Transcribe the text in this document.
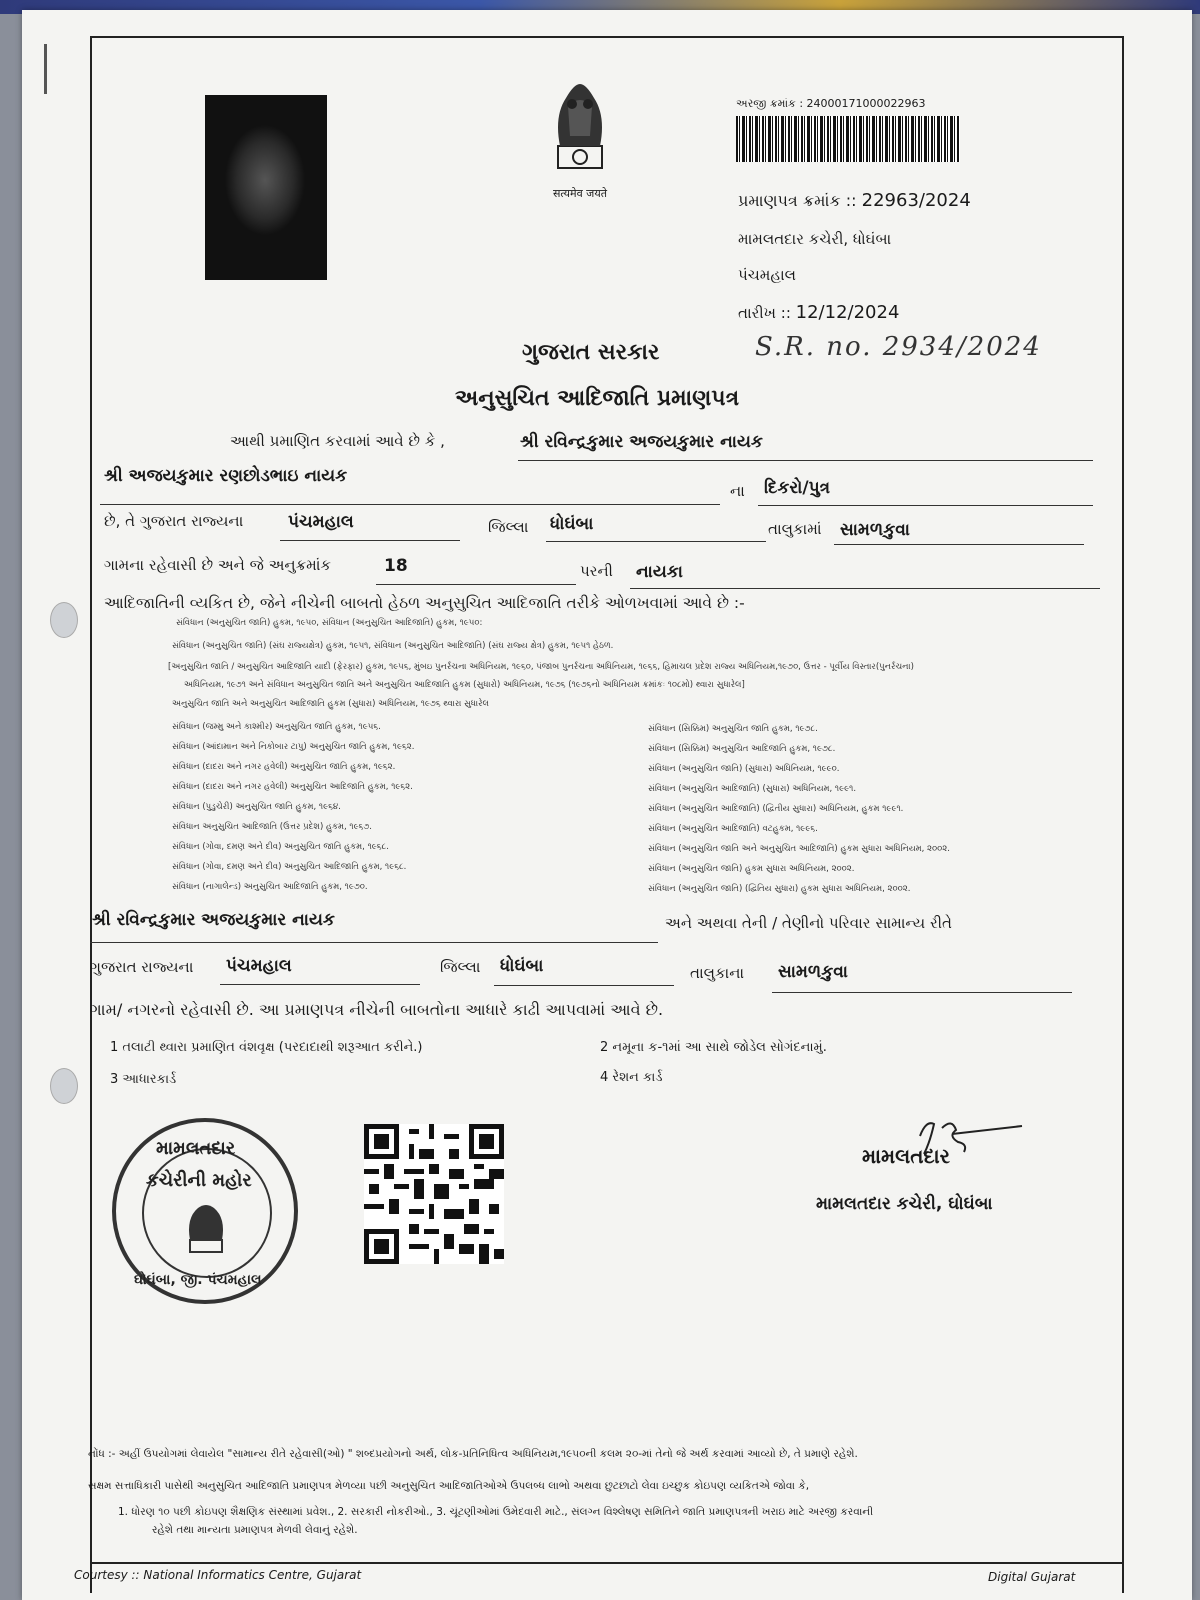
सत्यमेव जयते
અરજી ક્રમાંક : 24000171000022963
પ્રમાણપત્ર ક્રમાંક :: 22963/2024
મામલતદાર કચેરી, ધોઘંબા
પંચમહાલ
તારીખ :: 12/12/2024
S.R. no. 2934/2024
ગુજરાત સરકાર
અનુસુચિત આદિજાતિ પ્રમાણપત્ર
આથી પ્રમાણિત કરવામાં આવે છે કે ,	શ્રી રવિન્દ્રકુમાર અજયકુમાર નાયક
શ્રી અજયકુમાર રણછોડભાઇ નાયક
ના દિકરો/પુત્ર
છે, તે ગુજરાત રાજ્યના	પંચમહાલ	જિલ્લા ધોઘંબા	તાલુકામાં સામળકુવા
ગામના રહેવાસી છે અને જે અનુક્રમાંક	18	પરની નાયકા
આદિજાતિની વ્યકિત છે, જેને નીચેની બાબતો હેઠળ અનુસુચિત આદિજાતિ તરીકે ઓળખવામાં આવે છે :-
સંવિધાન (અનુસુચિત જાતિ) હુકમ, ૧૯૫૦, સંવિધાન (અનુસુચિત આદિજાતિ) હુકમ, ૧૯૫૦:
સંવિધાન (અનુસુચિત જાતિ) (સંઘ રાજ્યક્ષેત્ર) હુકમ, ૧૯૫૧, સંવિધાન (અનુસુચિત આદિજાતિ) (સંઘ રાજ્ય ક્ષેત્ર) હુકમ, ૧૯૫૧ હેઠળ.
[અનુસુચિત જાતિ / અનુસુચિત આદિજાતિ યાદી (ફેરફાર) હુકમ, ૧૯૫૬, મુંબઇ પુનર્રચના અધિનિયમ, ૧૯૬૦, પંજાબ પુનર્રચના અધિનિયમ, ૧૯૬૬, હિમાચલ પ્રદેશ રાજ્ય અધિનિયમ,૧૯૭૦, ઉત્તર - પૂર્વીય વિસ્તાર(પુનર્રચના)
અધિનિયમ, ૧૯૭૧ અને સંવિધાન અનુસુચિત જાતિ અને અનુસુચિત આદિજાતિ હુકમ (સુધારો) અધિનિયમ, ૧૯૭૬ (૧૯૭૬નો અધિનિયમ ક્રમાંકઃ ૧૦૮મો) થ્વારા સુધારેલ]
અનુસુચિત જાતિ અને અનુસુચિત આદિજાતિ હુકમ (સુધારા) અધિનિયમ, ૧૯૭૬ થ્વારા સુધારેલ
સંવિધાન (જમ્મુ અને કાશ્મીર) અનુસુચિત જાતિ હુકમ, ૧૯૫૬.
સંવિધાન (આંદામાન અને નિકોબાર ટાપુ) અનુસુચિત જાતિ હુકમ, ૧૯૬૨.
સંવિધાન (દાદરા અને નગર હવેલી) અનુસુચિત જાતિ હુકમ, ૧૯૬૨.
સંવિધાન (દાદરા અને નગર હવેલી) અનુસુચિત આદિજાતિ હુકમ, ૧૯૬૨.
સંવિધાન (પુડુચેરી) અનુસુચિત જાતિ હુકમ, ૧૯૬૪.
સંવિધાન અનુસુચિત આદિજાતિ (ઉત્તર પ્રદેશ) હુકમ, ૧૯૬૭.
સંવિધાન (ગોવા, દમણ અને દીવ) અનુસુચિત જાતિ હુકમ, ૧૯૬૮.
સંવિધાન (ગોવા, દમણ અને દીવ) અનુસુચિત આદિજાતિ હુકમ, ૧૯૬૮.
સંવિધાન (નાગાલેન્ડ) અનુસુચિત આદિજાતિ હુકમ, ૧૯૭૦.
સંવિધાન (સિક્કિમ) અનુસુચિત જાતિ હુકમ, ૧૯૭૮.
સંવિધાન (સિક્કિમ) અનુસુચિત આદિજાતિ હુકમ, ૧૯૭૮.
સંવિધાન (અનુસુચિત જાતિ) (સુધારા) અધિનિયમ, ૧૯૯૦.
સંવિધાન (અનુસુચિત આદિજાતિ) (સુધારા) અધિનિયમ, ૧૯૯૧.
સંવિધાન (અનુસુચિત આદિજાતિ) (દ્વિતીય સુધારા) અધિનિયમ, હુકમ ૧૯૯૧.
સંવિધાન (અનુસુચિત આદિજાતિ) વટહુકમ, ૧૯૯૬.
સંવિધાન (અનુસુચિત જાતિ અને અનુસુચિત આદિજાતિ) હુકમ સુધારા અધિનિયમ, ૨૦૦૨.
સંવિધાન (અનુસુચિત જાતિ) હુકમ સુધારા અધિનિયમ, ૨૦૦૨.
સંવિધાન (અનુસુચિત જાતિ) (દ્વિતિય સુધારા) હુકમ સુધારા અધિનિયમ, ૨૦૦૨.
શ્રી રવિન્દ્રકુમાર અજયકુમાર નાયક	અને અથવા તેની / તેણીનો પરિવાર સામાન્ય રીતે
ગુજરાત રાજ્યના પંચમહાલ	જિલ્લા ધોઘંબા	તાલુકાના સામળકુવા
ગામ/ નગરનો રહેવાસી છે. આ પ્રમાણપત્ર નીચેની બાબતોના આધારે કાઢી આપવામાં આવે છે.
1 તલાટી થ્વારા પ્રમાણિત વંશવૃક્ષ (પરદાદાથી શરૂઆત કરીને.)	2 નમૂના ક-૧માં આ સાથે જોડેલ સોગંદનામું.
3 આધારકાર્ડ	4 રેશન કાર્ડ
મામલતદાર
કચેરીની મહોર
ઘોઘંબા, જી. પંચમહાલ
મામલતદાર
મામલતદાર કચેરી, ઘોઘંબા
નોંધ :- અહીં ઉપયોગમાં લેવાયેલ "સામાન્ય રીતે રહેવાસી(ઓ) " શબ્દપ્રયોગનો અર્થ, લોક-પ્રતિનિધિત્વ અધિનિયમ,૧૯૫૦ની કલમ ૨૦-માં તેનો જે અર્થ કરવામાં આવ્યો છે, તે પ્રમાણે રહેશે.
સક્ષમ સત્તાધિકારી પાસેથી અનુસુચિત આદિજાતિ પ્રમાણપત્ર મેળવ્યા પછી અનુસુચિત આદિજાતિઓએ ઉપલબ્ધ લાભો અથવા છુટછાટો લેવા ઇચ્છુક કોઇપણ વ્યકિતએ જોવા કે,
1. ધોરણ ૧૦ પછી કોઇપણ શૈક્ષણિક સંસ્થામાં પ્રવેશ., 2. સરકારી નોકરીઓ., 3. ચૂંટણીઓમાં ઉમેદવારી માટે., સંલગ્ન વિશ્લેષણ સમિતિને જાતિ પ્રમાણપત્રની ખરાઇ માટે અરજી કરવાની
રહેશે તથા માન્યતા પ્રમાણપત્ર મેળવી લેવાનું રહેશે.
Courtesy :: National Informatics Centre, Gujarat	Digital Gujarat
